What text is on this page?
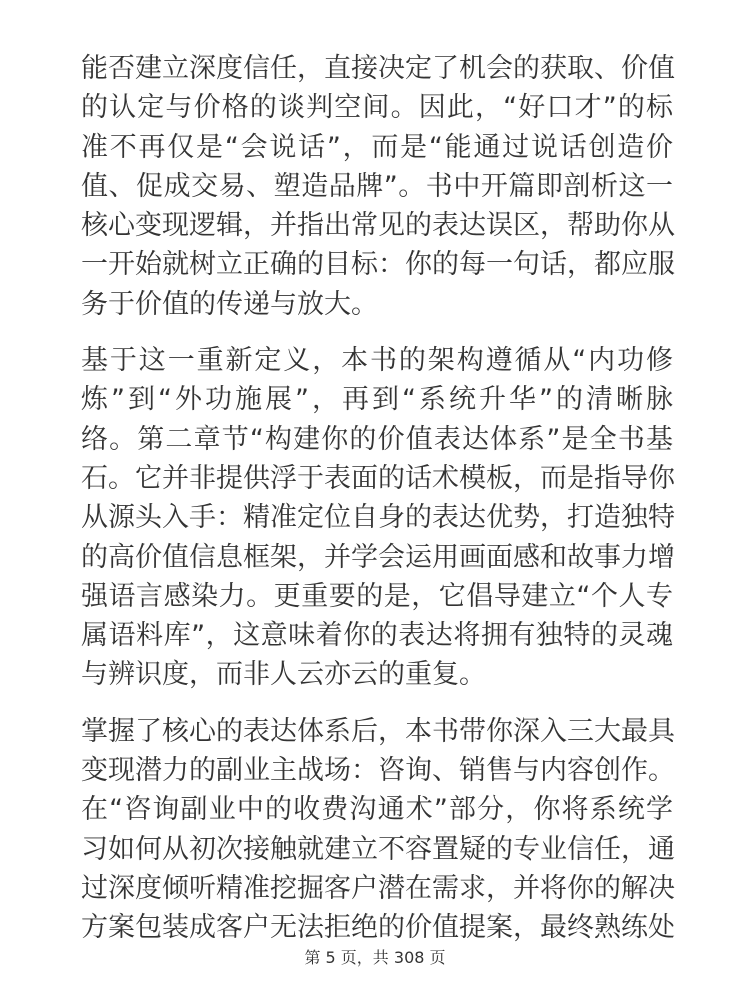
能否建立深度信任，直接决定了机会的获取、价值
的认定与价格的谈判空间。因此，“好口才”的标
准不再仅是“会说话”，而是“能通过说话创造价
值、促成交易、塑造品牌”。书中开篇即剖析这一
核心变现逻辑，并指出常见的表达误区，帮助你从
一开始就树立正确的目标：你的每一句话，都应服
务于价值的传递与放大。
基于这一重新定义，本书的架构遵循从“内功修
炼”到“外功施展”，再到“系统升华”的清晰脉
络。第二章节“构建你的价值表达体系”是全书基
石。它并非提供浮于表面的话术模板，而是指导你
从源头入手：精准定位自身的表达优势，打造独特
的高价值信息框架，并学会运用画面感和故事力增
强语言感染力。更重要的是，它倡导建立“个人专
属语料库”，这意味着你的表达将拥有独特的灵魂
与辨识度，而非人云亦云的重复。
掌握了核心的表达体系后，本书带你深入三大最具
变现潜力的副业主战场：咨询、销售与内容创作。
在“咨询副业中的收费沟通术”部分，你将系统学
习如何从初次接触就建立不容置疑的专业信任，通
过深度倾听精准挖掘客户潜在需求，并将你的解决
方案包装成客户无法拒绝的价值提案，最终熟练处
第 5 页，共 308 页
